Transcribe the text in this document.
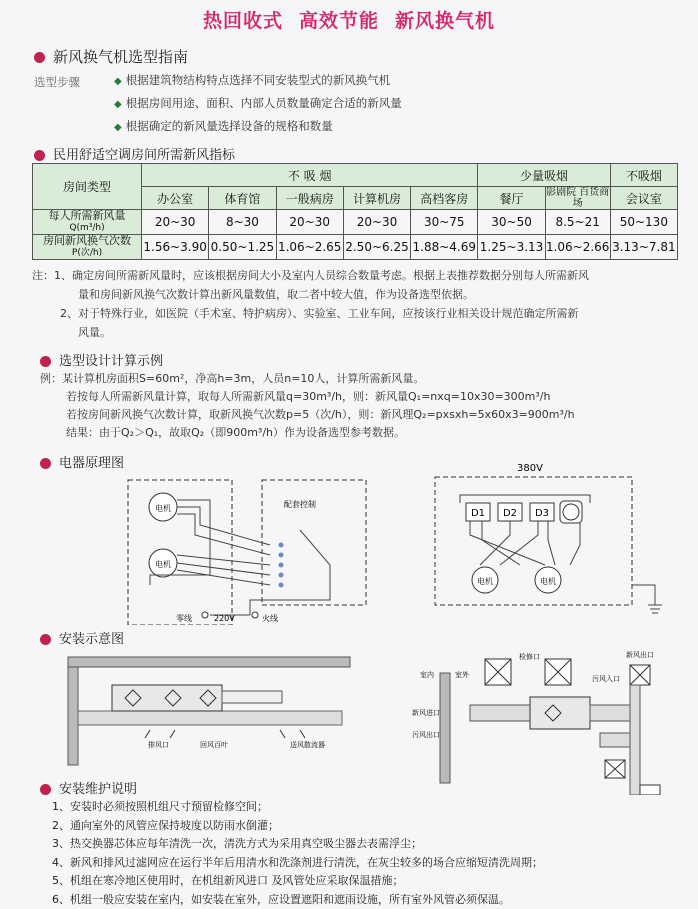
热回收式 高效节能 新风换气机
新风换气机选型指南
选型步骤	◆ 根据建筑物结构特点选择不同安装型式的新风换气机
◆ 根据房间用途、面积、内部人员数量确定合适的新风量
◆ 根据确定的新风量选择设备的规格和数量
民用舒适空调房间所需新风指标
房间类型	不 吸 烟					少量吸烟		不吸烟
	办公室	体育馆	一般病房	计算机房	高档客房	餐厅	影剧院 百货商场	会议室

每人所需新风量
Q(m³/h)	20~30	8~30	20~30	20~30	30~75	30~50	8.5~21	50~130

房间新风换气次数
P(次/h)	1.56~3.90	0.50~1.25	1.06~2.65	2.50~6.25	1.88~4.69	1.25~3.13	1.06~2.66	3.13~7.81
注：1、确定房间所需新风量时，应该根据房间大小及室内人员综合数量考虑。根据上表推荐数据分别每人所需新风
量和房间新风换气次数计算出新风量数值，取二者中较大值，作为设备选型依据。
2、对于特殊行业，如医院（手术室、特护病房）、实验室、工业车间，应按该行业相关设计规范确定所需新
风量。
选型设计计算示例
例：某计算机房面积S=60m²，净高h=3m，人员n=10人，计算所需新风量。
若按每人所需新风量计算，取每人所需新风量q=30m³/h，则：新风量Q₁=nxq=10x30=300m³/h
若按房间新风换气次数计算，取新风换气次数p=5（次/h），则：新风理Q₂=pxsxh=5x60x3=900m³/h
结果：由于Q₂＞Q₁，故取Q₂（即900m³/h）作为设备选型参考数据。
电器原理图
电机
电机
配套控制
零线	220V	火线
380V
D1 D2 D3
电机	电机
安装示意图
排风口	回风百叶	送风散流器
室内	室外
检修口	新风出口
污风入口
新风进口
污风出口
安装维护说明
1、安装时必须按照机组尺寸预留检修空间；
2、通向室外的风管应保持坡度以防雨水倒灌；
3、热交换器芯体应每年清洗一次，清洗方式为采用真空吸尘器去表需浮尘；
4、新风和排风过滤网应在运行半年后用清水和洗涤剂进行清洗，在灰尘较多的场合应缩短清洗周期；
5、机组在寒冷地区使用时，在机组新风进口 及风管处应采取保温措施；
6、机组一般应安装在室内，如安装在室外，应设置遮阳和遮雨设施，所有室外风管必须保温。
